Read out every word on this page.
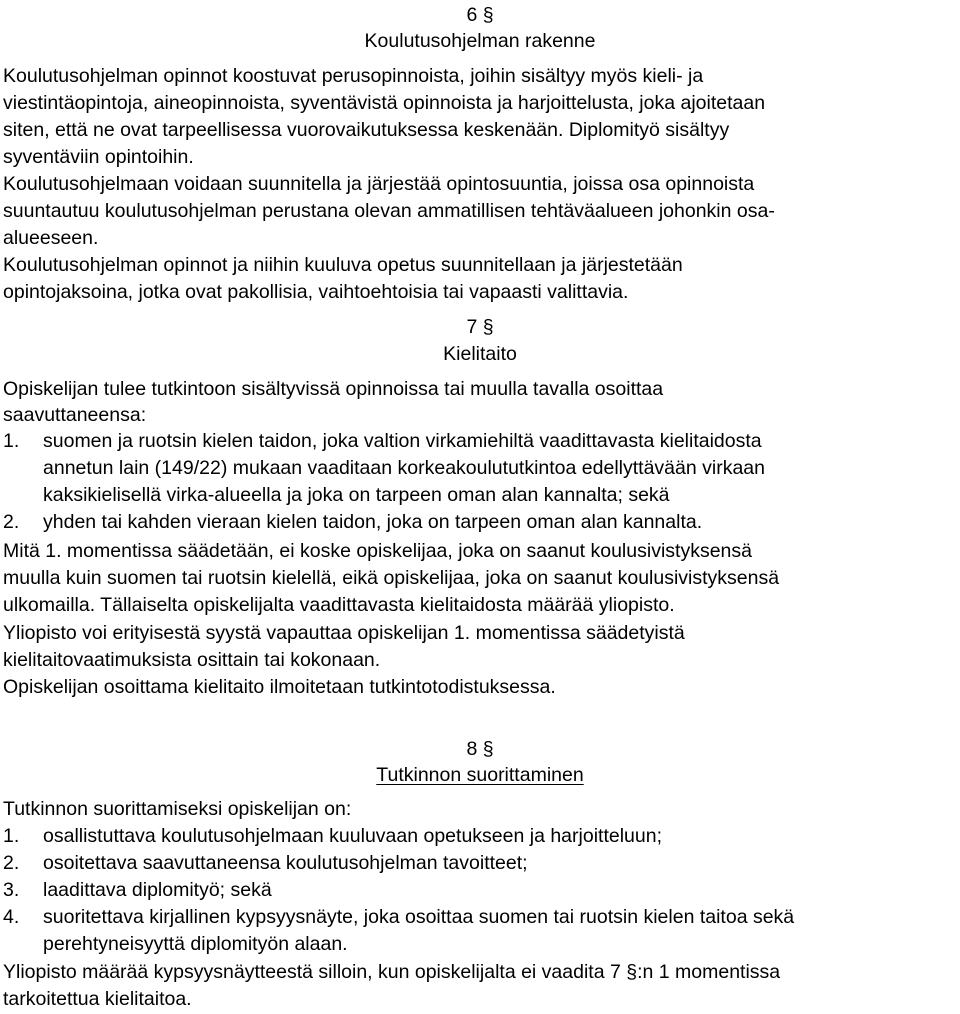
6 §
Koulutusohjelman rakenne
Koulutusohjelman opinnot koostuvat perusopinnoista, joihin sisältyy myös kieli- ja
viestintäopintoja, aineopinnoista, syventävistä opinnoista ja harjoittelusta, joka ajoitetaan
siten, että ne ovat tarpeellisessa vuorovaikutuksessa keskenään. Diplomityö sisältyy
syventäviin opintoihin.
Koulutusohjelmaan voidaan suunnitella ja järjestää opintosuuntia, joissa osa opinnoista
suuntautuu koulutusohjelman perustana olevan ammatillisen tehtäväalueen johonkin osa-
alueeseen.
Koulutusohjelman opinnot ja niihin kuuluva opetus suunnitellaan ja järjestetään
opintojaksoina, jotka ovat pakollisia, vaihtoehtoisia tai vapaasti valittavia.
7 §
Kielitaito
Opiskelijan tulee tutkintoon sisältyvissä opinnoissa tai muulla tavalla osoittaa
saavuttaneensa:
1.	suomen ja ruotsin kielen taidon, joka valtion virkamiehiltä vaadittavasta kielitaidosta
annetun lain (149/22) mukaan vaaditaan korkeakoulututkintoa edellyttävään virkaan
kaksikielisellä virka-alueella ja joka on tarpeen oman alan kannalta; sekä
2.	yhden tai kahden vieraan kielen taidon, joka on tarpeen oman alan kannalta.
Mitä 1. momentissa säädetään, ei koske opiskelijaa, joka on saanut koulusivistyksensä
muulla kuin suomen tai ruotsin kielellä, eikä opiskelijaa, joka on saanut koulusivistyksensä
ulkomailla. Tällaiselta opiskelijalta vaadittavasta kielitaidosta määrää yliopisto.
Yliopisto voi erityisestä syystä vapauttaa opiskelijan 1. momentissa säädetyistä
kielitaitovaatimuksista osittain tai kokonaan.
Opiskelijan osoittama kielitaito ilmoitetaan tutkintotodistuksessa.
8 §
Tutkinnon suorittaminen
Tutkinnon suorittamiseksi opiskelijan on:
1.	osallistuttava koulutusohjelmaan kuuluvaan opetukseen ja harjoitteluun;
2.	osoitettava saavuttaneensa koulutusohjelman tavoitteet;
3.	laadittava diplomityö; sekä
4.	suoritettava kirjallinen kypsyysnäyte, joka osoittaa suomen tai ruotsin kielen taitoa sekä
perehtyneisyyttä diplomityön alaan.
Yliopisto määrää kypsyysnäytteestä silloin, kun opiskelijalta ei vaadita 7 §:n 1 momentissa
tarkoitettua kielitaitoa.
